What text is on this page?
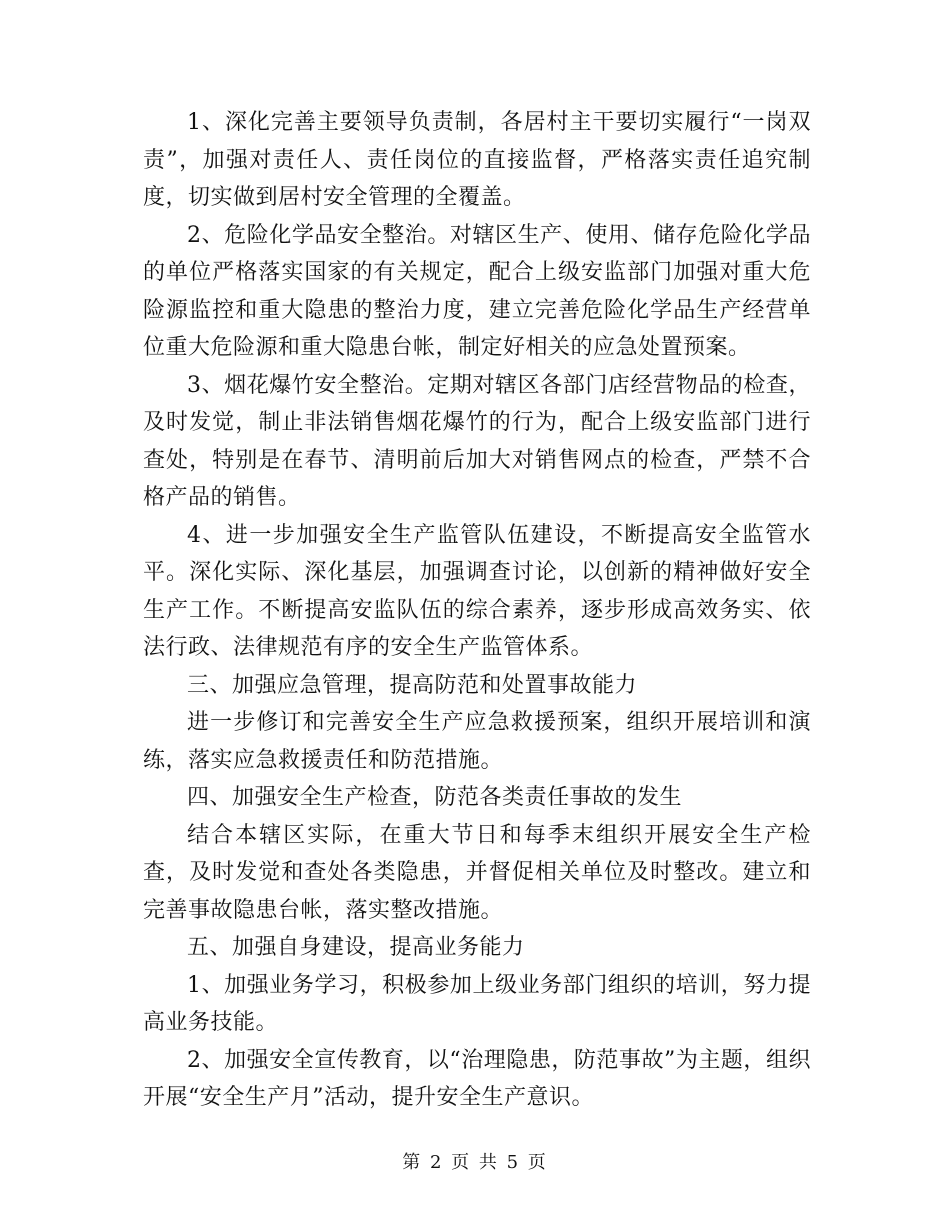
1、深化完善主要领导负责制，各居村主干要切实履行“一岗双责”，加强对责任人、责任岗位的直接监督，严格落实责任追究制度，切实做到居村安全管理的全覆盖。

2、危险化学品安全整治。对辖区生产、使用、储存危险化学品的单位严格落实国家的有关规定，配合上级安监部门加强对重大危险源监控和重大隐患的整治力度，建立完善危险化学品生产经营单位重大危险源和重大隐患台帐，制定好相关的应急处置预案。

3、烟花爆竹安全整治。定期对辖区各部门店经营物品的检查，及时发觉，制止非法销售烟花爆竹的行为，配合上级安监部门进行查处，特别是在春节、清明前后加大对销售网点的检查，严禁不合格产品的销售。

4、进一步加强安全生产监管队伍建设，不断提高安全监管水平。深化实际、深化基层，加强调查讨论，以创新的精神做好安全生产工作。不断提高安监队伍的综合素养，逐步形成高效务实、依法行政、法律规范有序的安全生产监管体系。

三、加强应急管理，提高防范和处置事故能力

进一步修订和完善安全生产应急救援预案，组织开展培训和演练，落实应急救援责任和防范措施。

四、加强安全生产检查，防范各类责任事故的发生

结合本辖区实际，在重大节日和每季末组织开展安全生产检查，及时发觉和查处各类隐患，并督促相关单位及时整改。建立和完善事故隐患台帐，落实整改措施。

五、加强自身建设，提高业务能力

1、加强业务学习，积极参加上级业务部门组织的培训，努力提高业务技能。

2、加强安全宣传教育，以“治理隐患，防范事故”为主题，组织开展“安全生产月”活动，提升安全生产意识。

第 2 页 共 5 页
